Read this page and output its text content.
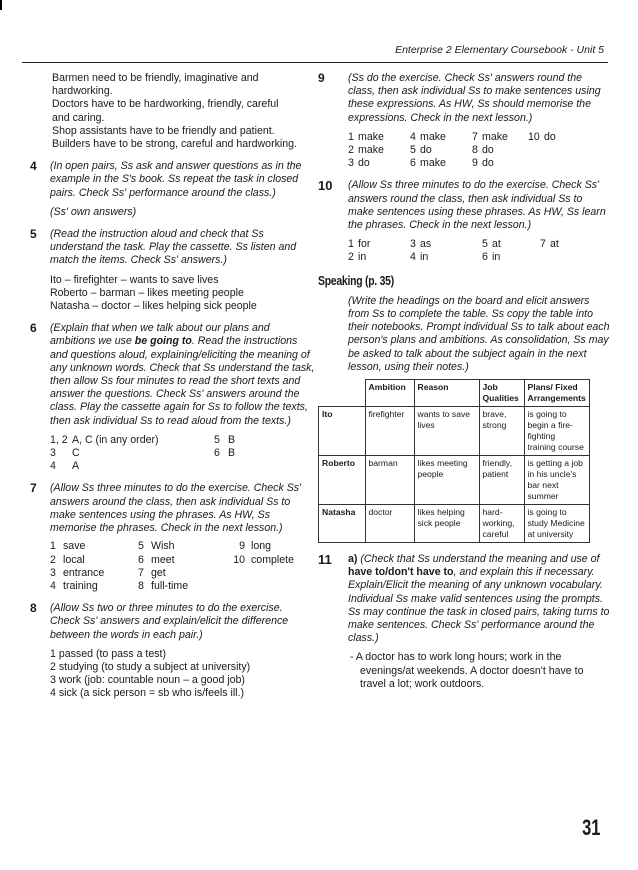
Enterprise 2 Elementary Coursebook - Unit 5

Barmen need to be friendly, imaginative and

hardworking.

Doctors have to be hardworking, friendly, careful

and caring.

Shop assistants have to be friendly and patient.

Builders have to be strong, careful and hardworking.

4 (In open pairs, Ss ask and answer questions as in the example in the S's book. Ss repeat the task in closed pairs. Check Ss' performance around the class.)

(Ss' own answers)

5 (Read the instruction aloud and check that Ss understand the task. Play the cassette. Ss listen and match the items. Check Ss' answers.)

Ito – firefighter – wants to save lives
Roberto – barman – likes meeting people
Natasha – doctor – likes helping sick people
6 (Explain that when we talk about our plans and ambitions we use be going to. Read the instructions and questions aloud, explaining/eliciting the meaning of any unknown words. Check that Ss understand the task, then allow Ss four minutes to read the short texts and answer the questions. Check Ss' answers around the class. Play the cassette again for Ss to follow the texts, then ask individual Ss to read aloud from the texts.)

1, 2 A, C (in any order)	5 B
3	C	6 B
4	A
7 (Allow Ss three minutes to do the exercise. Check Ss' answers around the class, then ask individual Ss to make sentences using the phrases. As HW, Ss memorise the phrases. Check in the next lesson.)

1 save	5 Wish	9 long
2 local	6 meet	10 complete
3 entrance	7 get
4 training	8 full-time
8 (Allow Ss two or three minutes to do the exercise. Check Ss' answers and explain/elicit the difference between the words in each pair.)

1 passed (to pass a test)

2 studying (to study a subject at university)

3 work (job: countable noun – a good job)

4 sick (a sick person = sb who is/feels ill.)

9 (Ss do the exercise. Check Ss' answers round the class, then ask individual Ss to make sentences using these expressions. As HW, Ss should memorise the expressions. Check in the next lesson.)

1 make	4 make	7 make	10 do
2 make	5 do	8 do
3 do	6 make	9 do
10 (Allow Ss three minutes to do the exercise. Check Ss' answers round the class, then ask individual Ss to make sentences using these phrases. As HW, Ss learn the phrases. Check in the next lesson.)

1 for	3 as	5 at	7 at
2 in	4 in	6 in
Speaking (p. 35)

(Write the headings on the board and elicit answers from Ss to complete the table. Ss copy the table into their notebooks. Prompt individual Ss to talk about each person's plans and ambitions. As consolidation, Ss may be asked to talk about the subject again in the next lesson, using their notes.)

	Ambition	Reason	Job Qualities	Plans/ Fixed Arrangements
Ito	firefighter	wants to save lives	brave, strong	is going to begin a fire-fighting training course
Roberto	barman	likes meeting people	friendly, patient	is getting a job in his uncle's bar next summer
Natasha	doctor	likes helping sick people	hard-working, careful	is going to study Medicine at university
11 a) (Check that Ss understand the meaning and use of have to/don't have to, and explain this if necessary. Explain/Elicit the meaning of any unknown vocabulary. Individual Ss make valid sentences using the prompts. Ss may continue the task in closed pairs, taking turns to make sentences. Check Ss' performance around the class.)

- A doctor has to work long hours; work in the evenings/at weekends. A doctor doesn't have to travel a lot; work outdoors.

31
